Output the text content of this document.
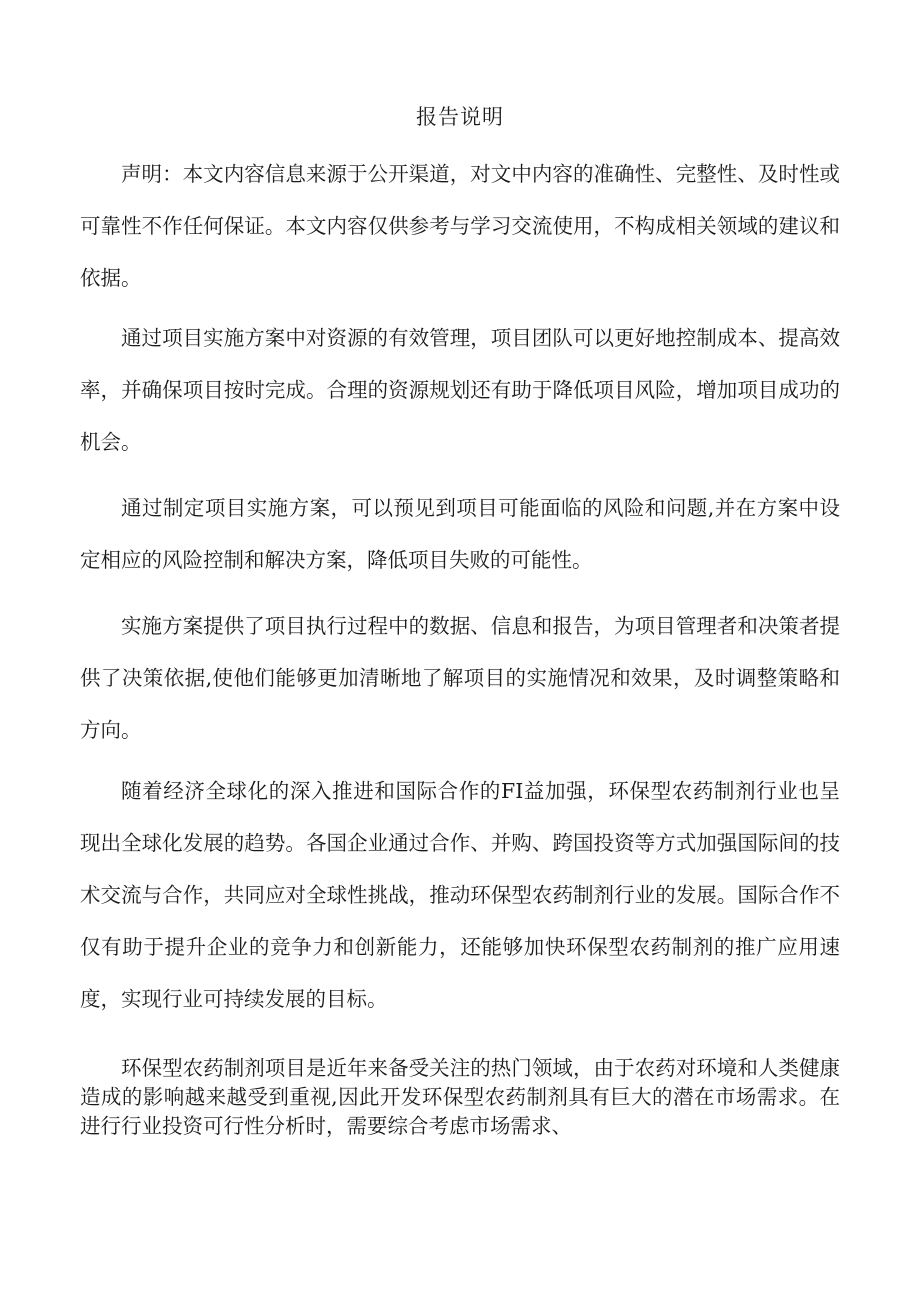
报告说明

声明：本文内容信息来源于公开渠道，对文中内容的准确性、完整性、及时性或可靠性不作任何保证。本文内容仅供参考与学习交流使用，不构成相关领域的建议和依据。

通过项目实施方案中对资源的有效管理，项目团队可以更好地控制成本、提高效率，并确保项目按时完成。合理的资源规划还有助于降低项目风险，增加项目成功的机会。

通过制定项目实施方案，可以预见到项目可能面临的风险和问题,并在方案中设定相应的风险控制和解决方案，降低项目失败的可能性。

实施方案提供了项目执行过程中的数据、信息和报告，为项目管理者和决策者提供了决策依据,使他们能够更加清晰地了解项目的实施情况和效果，及时调整策略和方向。

随着经济全球化的深入推进和国际合作的FI益加强，环保型农药制剂行业也呈现出全球化发展的趋势。各国企业通过合作、并购、跨国投资等方式加强国际间的技术交流与合作，共同应对全球性挑战，推动环保型农药制剂行业的发展。国际合作不仅有助于提升企业的竞争力和创新能力，还能够加快环保型农药制剂的推广应用速度，实现行业可持续发展的目标。

环保型农药制剂项目是近年来备受关注的热门领域，由于农药对环境和人类健康造成的影响越来越受到重视,因此开发环保型农药制剂具有巨大的潜在市场需求。在进行行业投资可行性分析时，需要综合考虑市场需求、
